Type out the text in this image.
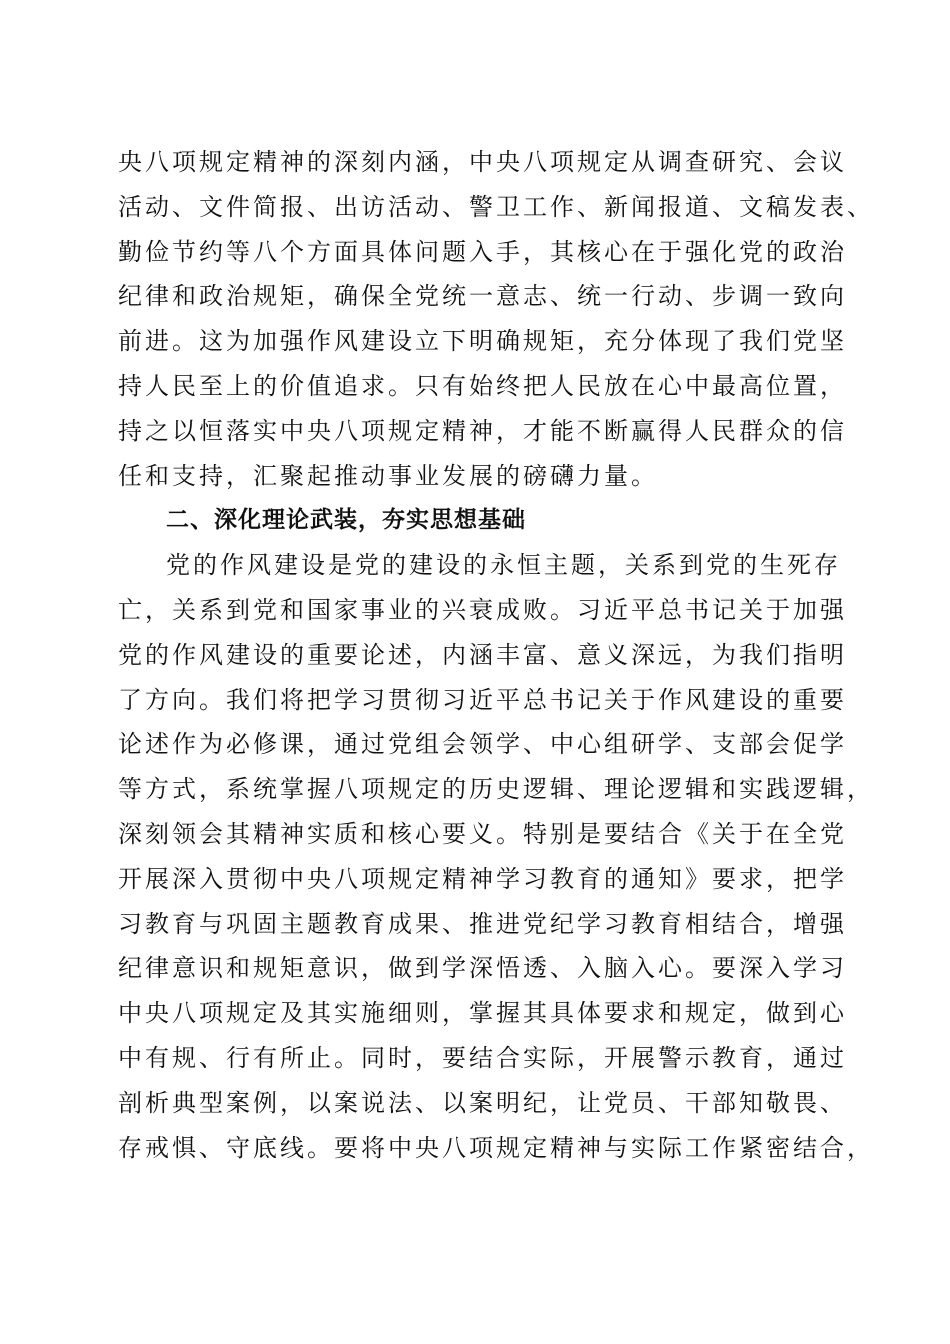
央八项规定精神的深刻内涵，中央八项规定从调查研究、会议
活动、文件简报、出访活动、警卫工作、新闻报道、文稿发表、
勤俭节约等八个方面具体问题入手，其核心在于强化党的政治
纪律和政治规矩，确保全党统一意志、统一行动、步调一致向
前进。这为加强作风建设立下明确规矩，充分体现了我们党坚
持人民至上的价值追求。只有始终把人民放在心中最高位置，
持之以恒落实中央八项规定精神，才能不断赢得人民群众的信
任和支持，汇聚起推动事业发展的磅礴力量。
二、深化理论武装，夯实思想基础
党的作风建设是党的建设的永恒主题，关系到党的生死存
亡，关系到党和国家事业的兴衰成败。习近平总书记关于加强
党的作风建设的重要论述，内涵丰富、意义深远，为我们指明
了方向。我们将把学习贯彻习近平总书记关于作风建设的重要
论述作为必修课，通过党组会领学、中心组研学、支部会促学
等方式，系统掌握八项规定的历史逻辑、理论逻辑和实践逻辑，
深刻领会其精神实质和核心要义。特别是要结合《关于在全党
开展深入贯彻中央八项规定精神学习教育的通知》要求，把学
习教育与巩固主题教育成果、推进党纪学习教育相结合，增强
纪律意识和规矩意识，做到学深悟透、入脑入心。要深入学习
中央八项规定及其实施细则，掌握其具体要求和规定，做到心
中有规、行有所止。同时，要结合实际，开展警示教育，通过
剖析典型案例，以案说法、以案明纪，让党员、干部知敬畏、
存戒惧、守底线。要将中央八项规定精神与实际工作紧密结合，
